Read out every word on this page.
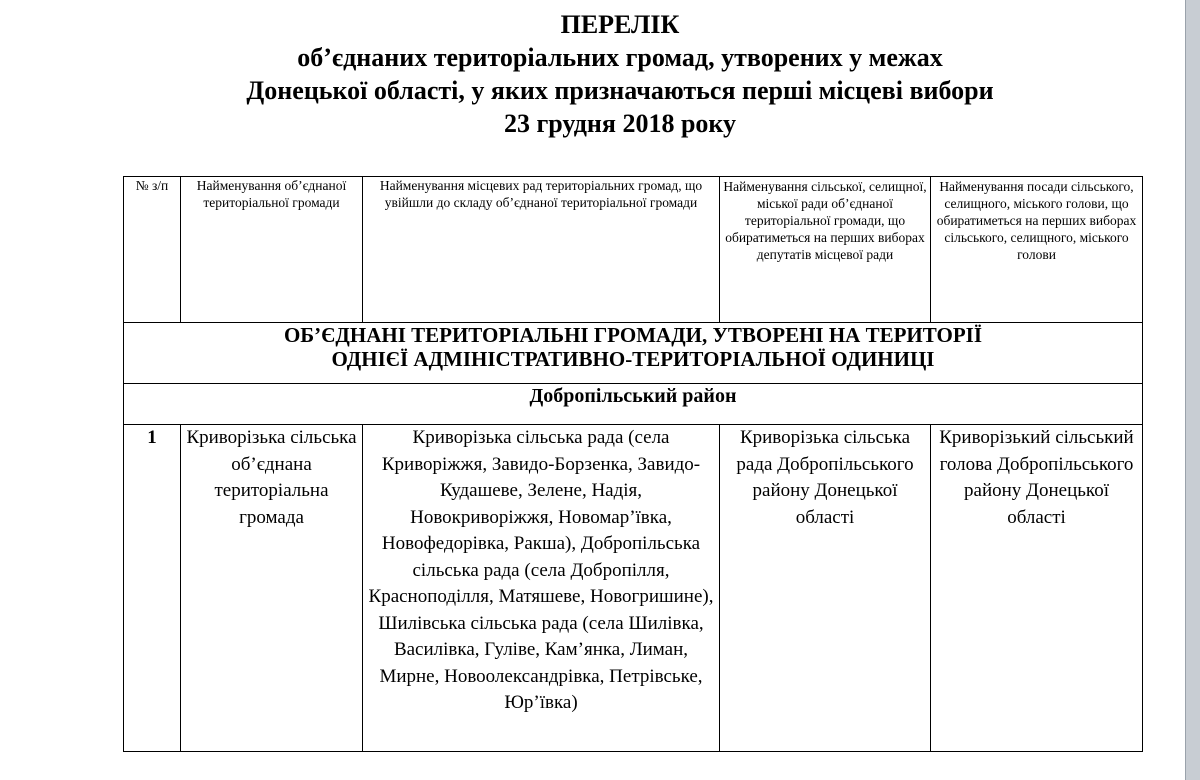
ПЕРЕЛІК
об’єднаних територіальних громад, утворених у межах
Донецької області, у яких призначаються перші місцеві вибори
23 грудня 2018 року
№ з/п	Найменування об’єднаної територіальної громади	Найменування місцевих рад територіальних громад, що увійшли до складу об’єднаної територіальної громади	Найменування сільської, селищної, міської ради об’єднаної територіальної громади, що обиратиметься на перших виборах депутатів місцевої ради	Найменування посади сільського, селищного, міського голови, що обиратиметься на перших виборах сільського, селищного, міського голови

ОБ’ЄДНАНІ ТЕРИТОРІАЛЬНІ ГРОМАДИ, УТВОРЕНІ НА ТЕРИТОРІЇ
ОДНІЄЇ АДМІНІСТРАТИВНО-ТЕРИТОРІАЛЬНОЇ ОДИНИЦІ				

Добропільський район				
1	Криворізька сільська об’єднана територіальна громада	Криворізька сільська рада (села Криворіжжя, Завидо-Борзенка, Завидо-Кудашеве, Зелене, Надія, Новокриворіжжя, Новомар’ївка, Новофедорівка, Ракша), Добропільська сільська рада (села Добропілля, Красноподілля, Матяшеве, Новогришине), Шилівська сільська рада (села Шилівка, Василівка, Гуліве, Кам’янка, Лиман, Мирне, Новоолександрівка, Петрівське, Юр’ївка)	Криворізька сільська рада Добропільського району Донецької області	Криворізький сільський голова Добропільського району Донецької області
